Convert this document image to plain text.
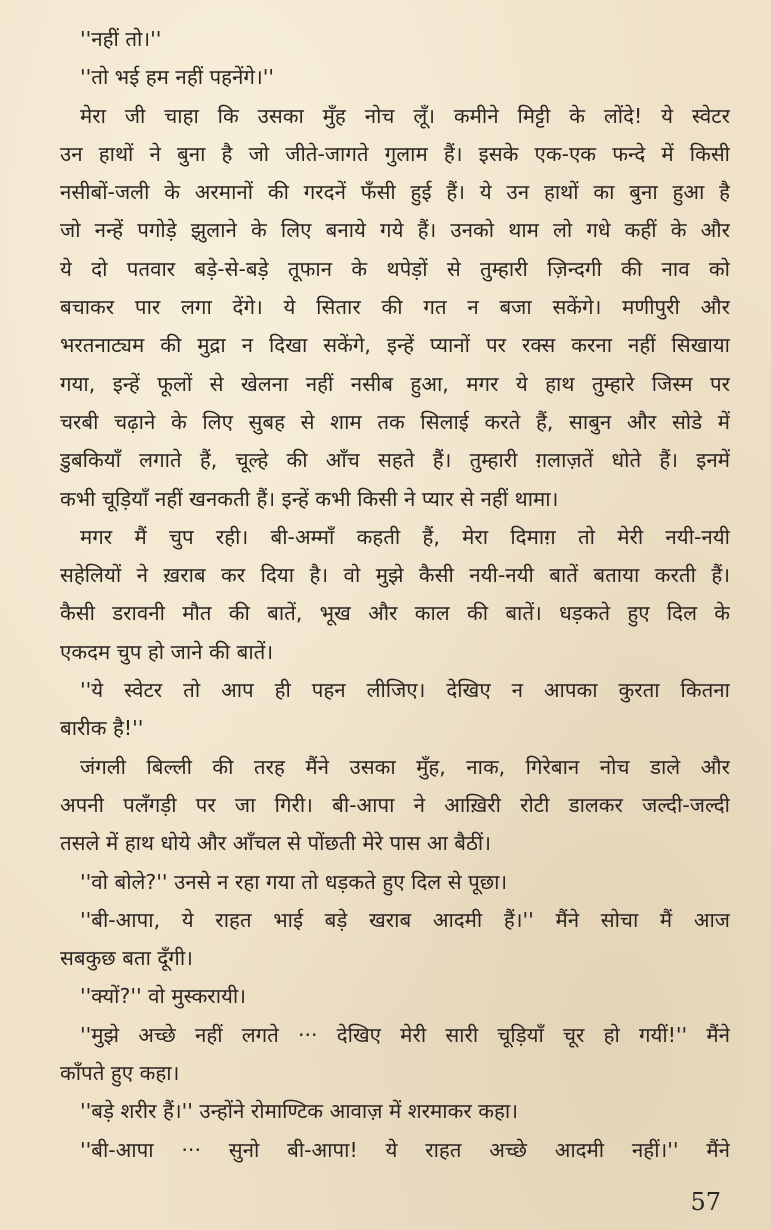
''नहीं तो।''
''तो भई हम नहीं पहनेंगे।''
मेरा जी चाहा कि उसका मुँह नोच लूँ। कमीने मिट्टी के लोंदे! ये स्वेटर
उन हाथों ने बुना है जो जीते-जागते गुलाम हैं। इसके एक-एक फन्दे में किसी
नसीबों-जली के अरमानों की गरदनें फँसी हुई हैं। ये उन हाथों का बुना हुआ है
जो नन्हें पगोड़े झुलाने के लिए बनाये गये हैं। उनको थाम लो गधे कहीं के और
ये दो पतवार बड़े-से-बड़े तूफान के थपेड़ों से तुम्हारी ज़िन्दगी की नाव को
बचाकर पार लगा देंगे। ये सितार की गत न बजा सकेंगे। मणीपुरी और
भरतनाट्यम की मुद्रा न दिखा सकेंगे, इन्हें प्यानों पर रक्स करना नहीं सिखाया
गया, इन्हें फूलों से खेलना नहीं नसीब हुआ, मगर ये हाथ तुम्हारे जिस्म पर
चरबी चढ़ाने के लिए सुबह से शाम तक सिलाई करते हैं, साबुन और सोडे में
डुबकियाँ लगाते हैं, चूल्हे की आँच सहते हैं। तुम्हारी ग़लाज़तें धोते हैं। इनमें
कभी चूड़ियाँ नहीं खनकती हैं। इन्हें कभी किसी ने प्यार से नहीं थामा।
मगर मैं चुप रही। बी-अम्माँ कहती हैं, मेरा दिमाग़ तो मेरी नयी-नयी
सहेलियों ने ख़राब कर दिया है। वो मुझे कैसी नयी-नयी बातें बताया करती हैं।
कैसी डरावनी मौत की बातें, भूख और काल की बातें। धड़कते हुए दिल के
एकदम चुप हो जाने की बातें।
''ये स्वेटर तो आप ही पहन लीजिए। देखिए न आपका कुरता कितना
बारीक है!''
जंगली बिल्ली की तरह मैंने उसका मुँह, नाक, गिरेबान नोच डाले और
अपनी पलँगड़ी पर जा गिरी। बी-आपा ने आख़िरी रोटी डालकर जल्दी-जल्दी
तसले में हाथ धोये और आँचल से पोंछती मेरे पास आ बैठीं।
''वो बोले?'' उनसे न रहा गया तो धड़कते हुए दिल से पूछा।
''बी-आपा, ये राहत भाई बड़े खराब आदमी हैं।'' मैंने सोचा मैं आज
सबकुछ बता दूँगी।
''क्यों?'' वो मुस्करायी।
''मुझे अच्छे नहीं लगते ··· देखिए मेरी सारी चूड़ियाँ चूर हो गयीं!'' मैंने
काँपते हुए कहा।
''बड़े शरीर हैं।'' उन्होंने रोमाण्टिक आवाज़ में शरमाकर कहा।
''बी-आपा ··· सुनो बी-आपा! ये राहत अच्छे आदमी नहीं।'' मैंने
57
